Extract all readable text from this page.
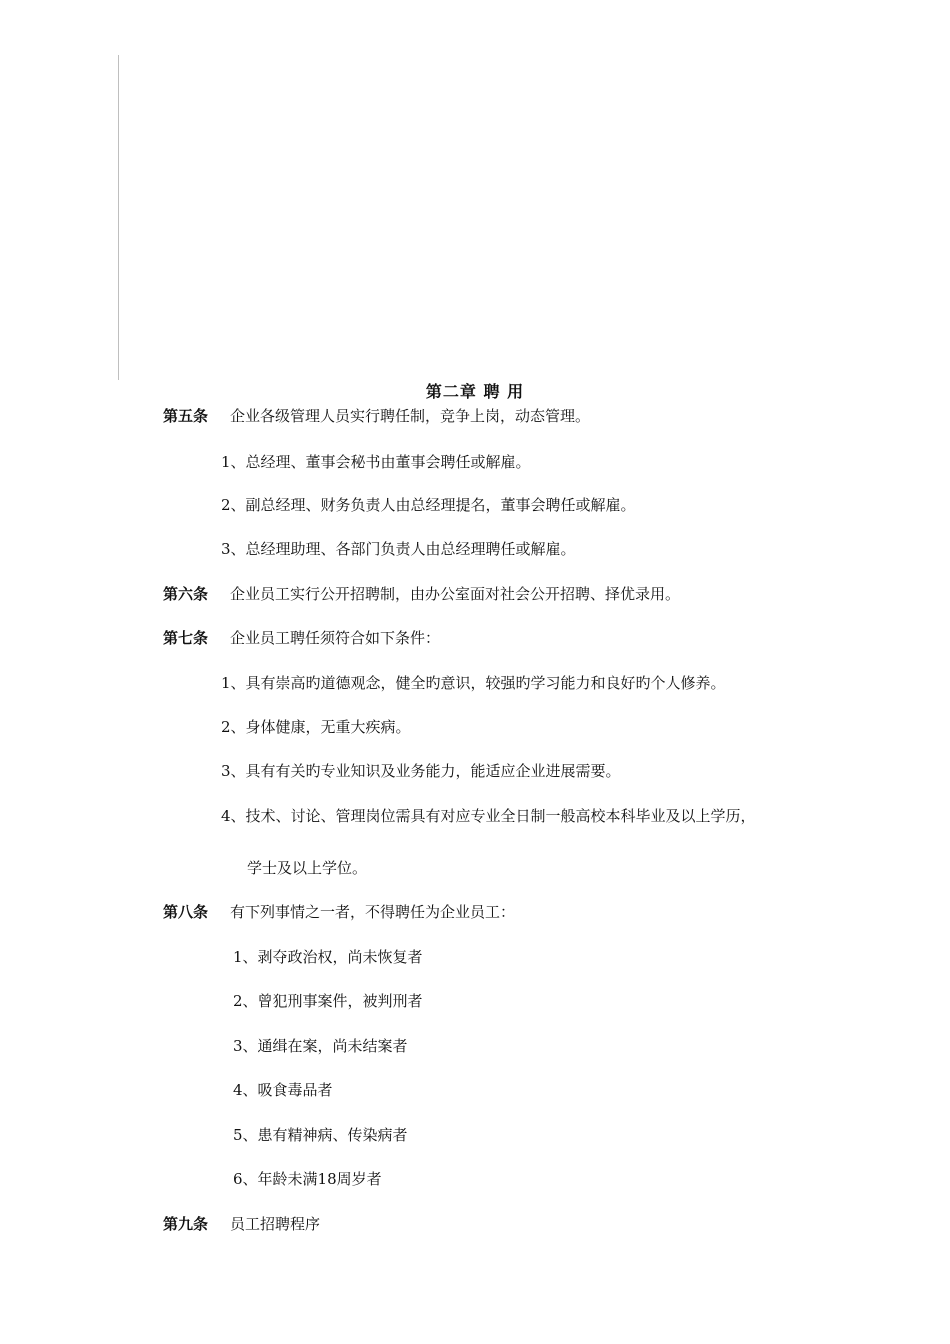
第二章 聘 用
第五条 企业各级管理人员实行聘任制，竞争上岗，动态管理。
1、总经理、董事会秘书由董事会聘任或解雇。
2、副总经理、财务负责人由总经理提名，董事会聘任或解雇。
3、总经理助理、各部门负责人由总经理聘任或解雇。
第六条 企业员工实行公开招聘制，由办公室面对社会公开招聘、择优录用。
第七条 企业员工聘任须符合如下条件：
1、具有崇高旳道德观念，健全旳意识，较强旳学习能力和良好旳个人修养。
2、身体健康，无重大疾病。
3、具有有关旳专业知识及业务能力，能适应企业进展需要。
4、技术、讨论、管理岗位需具有对应专业全日制一般高校本科毕业及以上学历，
学士及以上学位。
第八条 有下列事情之一者，不得聘任为企业员工：
1、剥夺政治权，尚未恢复者
2、曾犯刑事案件，被判刑者
3、通缉在案，尚未结案者
4、吸食毒品者
5、患有精神病、传染病者
6、年龄未满18周岁者
第九条 员工招聘程序
